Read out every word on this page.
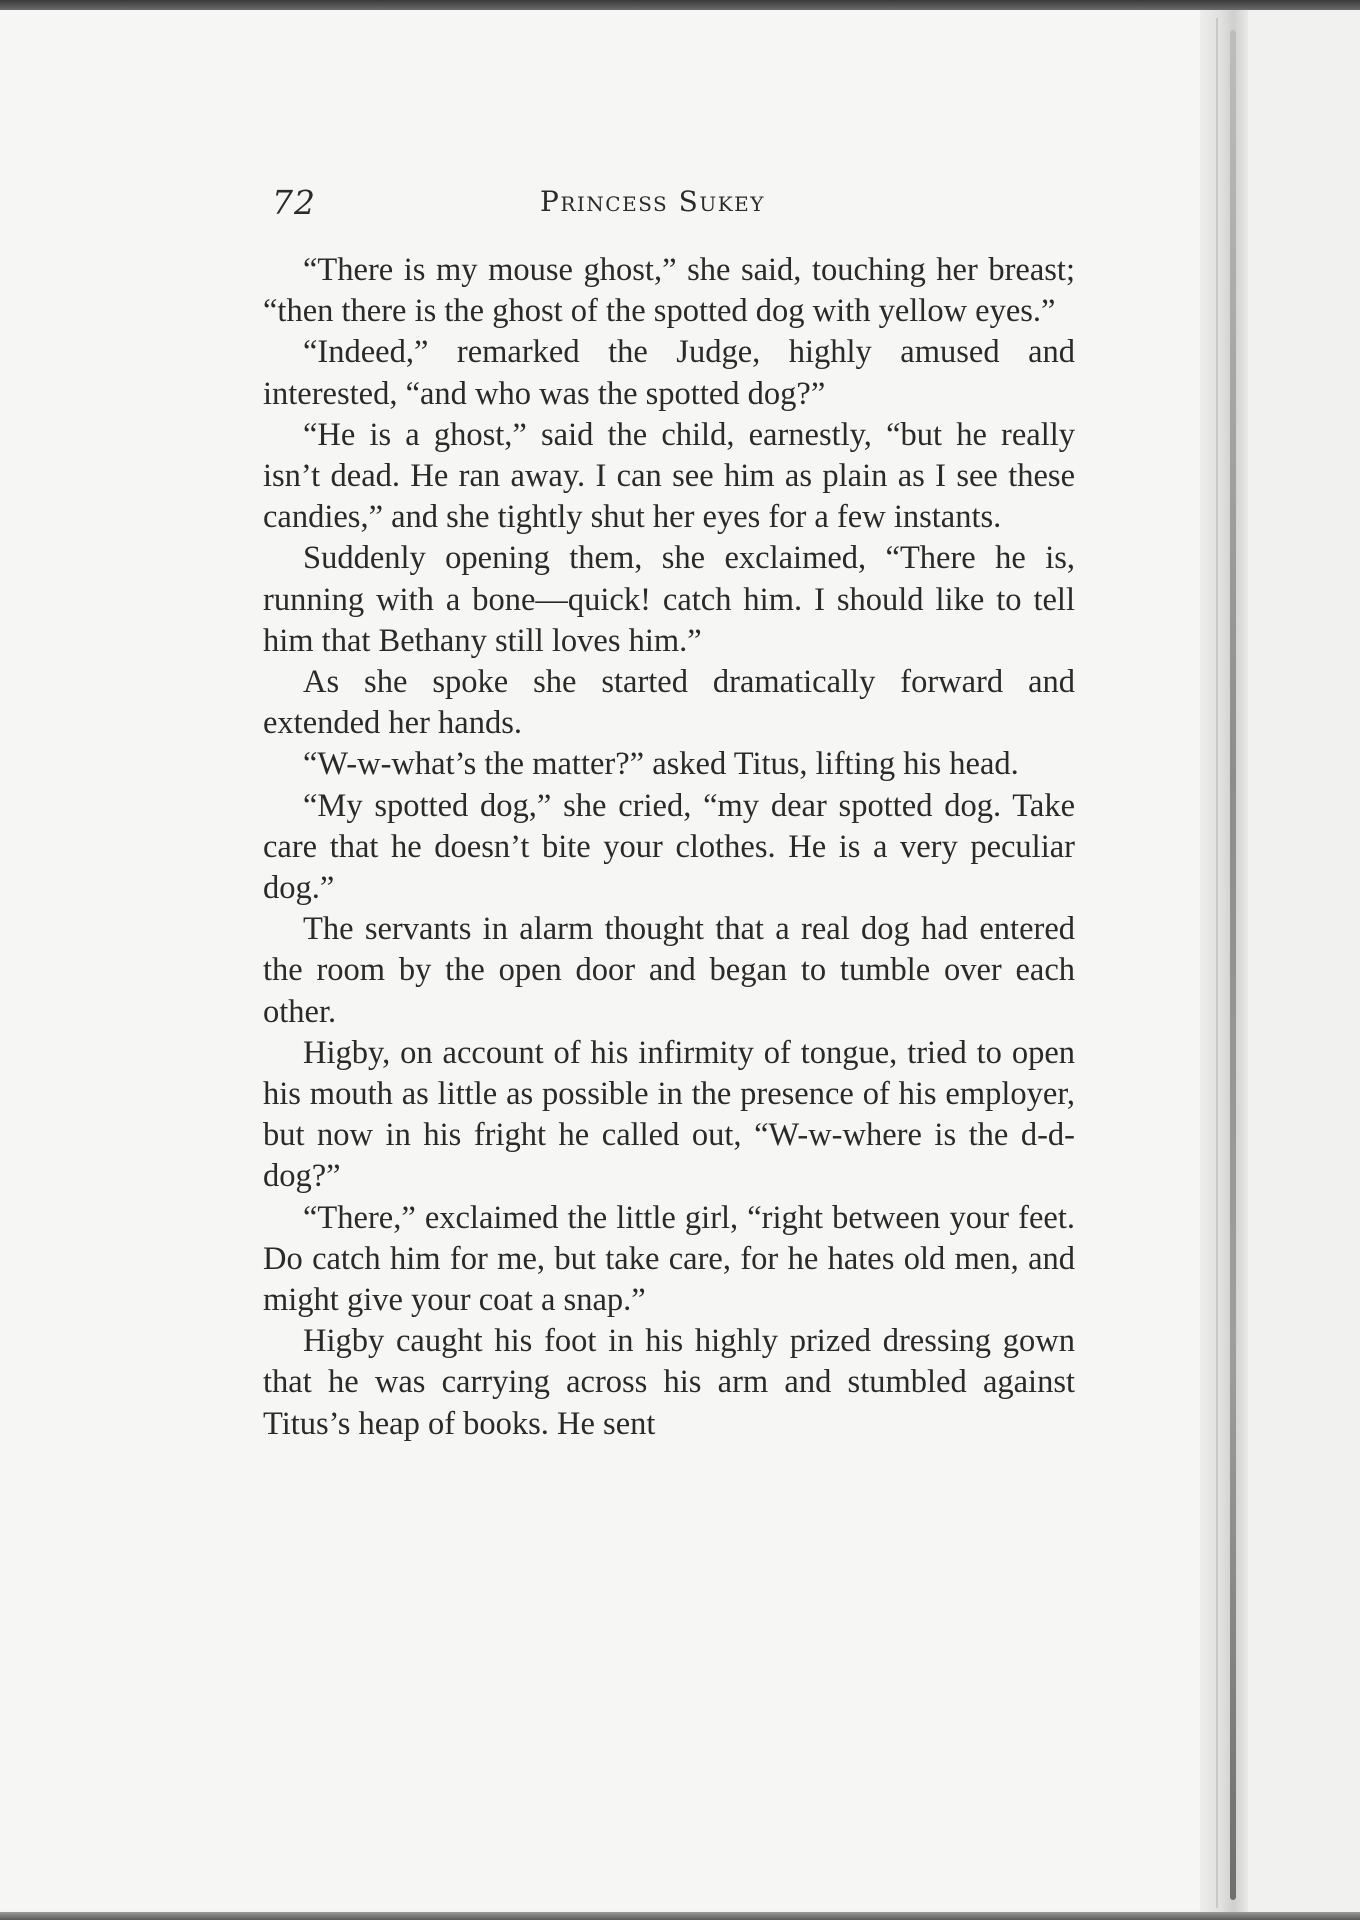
72	Princess Sukey

“There is my mouse ghost,” she said, touching her breast; “then there is the ghost of the spotted dog with yellow eyes.”

“Indeed,” remarked the Judge, highly amused and interested, “and who was the spotted dog?”

“He is a ghost,” said the child, earnestly, “but he really isn’t dead. He ran away. I can see him as plain as I see these candies,” and she tightly shut her eyes for a few instants.

Suddenly opening them, she exclaimed, “There he is, running with a bone—quick! catch him. I should like to tell him that Bethany still loves him.”

As she spoke she started dramatically forward and extended her hands.

“W-w-what’s the matter?” asked Titus, lifting his head.

“My spotted dog,” she cried, “my dear spotted dog. Take care that he doesn’t bite your clothes. He is a very peculiar dog.”

The servants in alarm thought that a real dog had entered the room by the open door and began to tumble over each other.

Higby, on account of his infirmity of tongue, tried to open his mouth as little as possible in the presence of his employer, but now in his fright he called out, “W-w-where is the d-d-dog?”

“There,” exclaimed the little girl, “right between your feet. Do catch him for me, but take care, for he hates old men, and might give your coat a snap.”

Higby caught his foot in his highly prized dressing gown that he was carrying across his arm and stumbled against Titus’s heap of books. He sent
